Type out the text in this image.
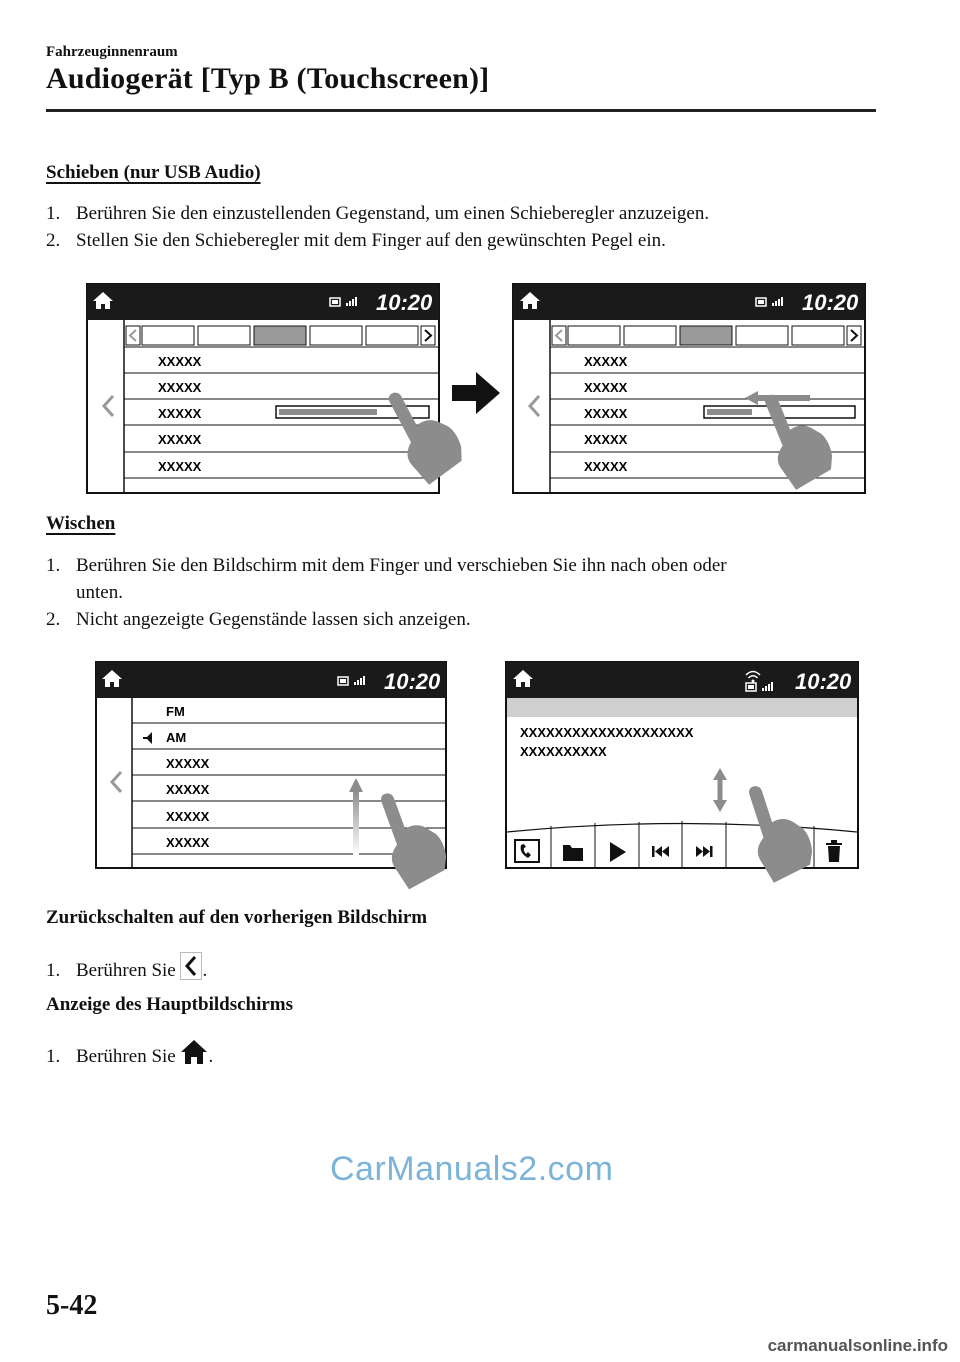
Fahrzeuginnenraum
Audiogerät [Typ B (Touchscreen)]
Schieben (nur USB Audio)
1. Berühren Sie den einzustellenden Gegenstand, um einen Schieberegler anzuzeigen.
2. Stellen Sie den Schieberegler mit dem Finger auf den gewünschten Pegel ein.
10:20
XXXXX
XXXXX
XXXXX
XXXXX
XXXXX
10:20
XXXXX
XXXXX
XXXXX
XXXXX
XXXXX
10:20
FM
AM
XXXXX
XXXXX
XXXXX
XXXXX
10:20
XXXXXXXXXXXXXXXXXXXX
XXXXXXXXXX
Wischen
1. Berühren Sie den Bildschirm mit dem Finger und verschieben Sie ihn nach oben oder
unten.
2. Nicht angezeigte Gegenstände lassen sich anzeigen.
Zurückschalten auf den vorherigen Bildschirm
1. Berühren Sie .
Anzeige des Hauptbildschirms
1. Berühren Sie .
CarManuals2.com
5-42
carmanualsonline.info
